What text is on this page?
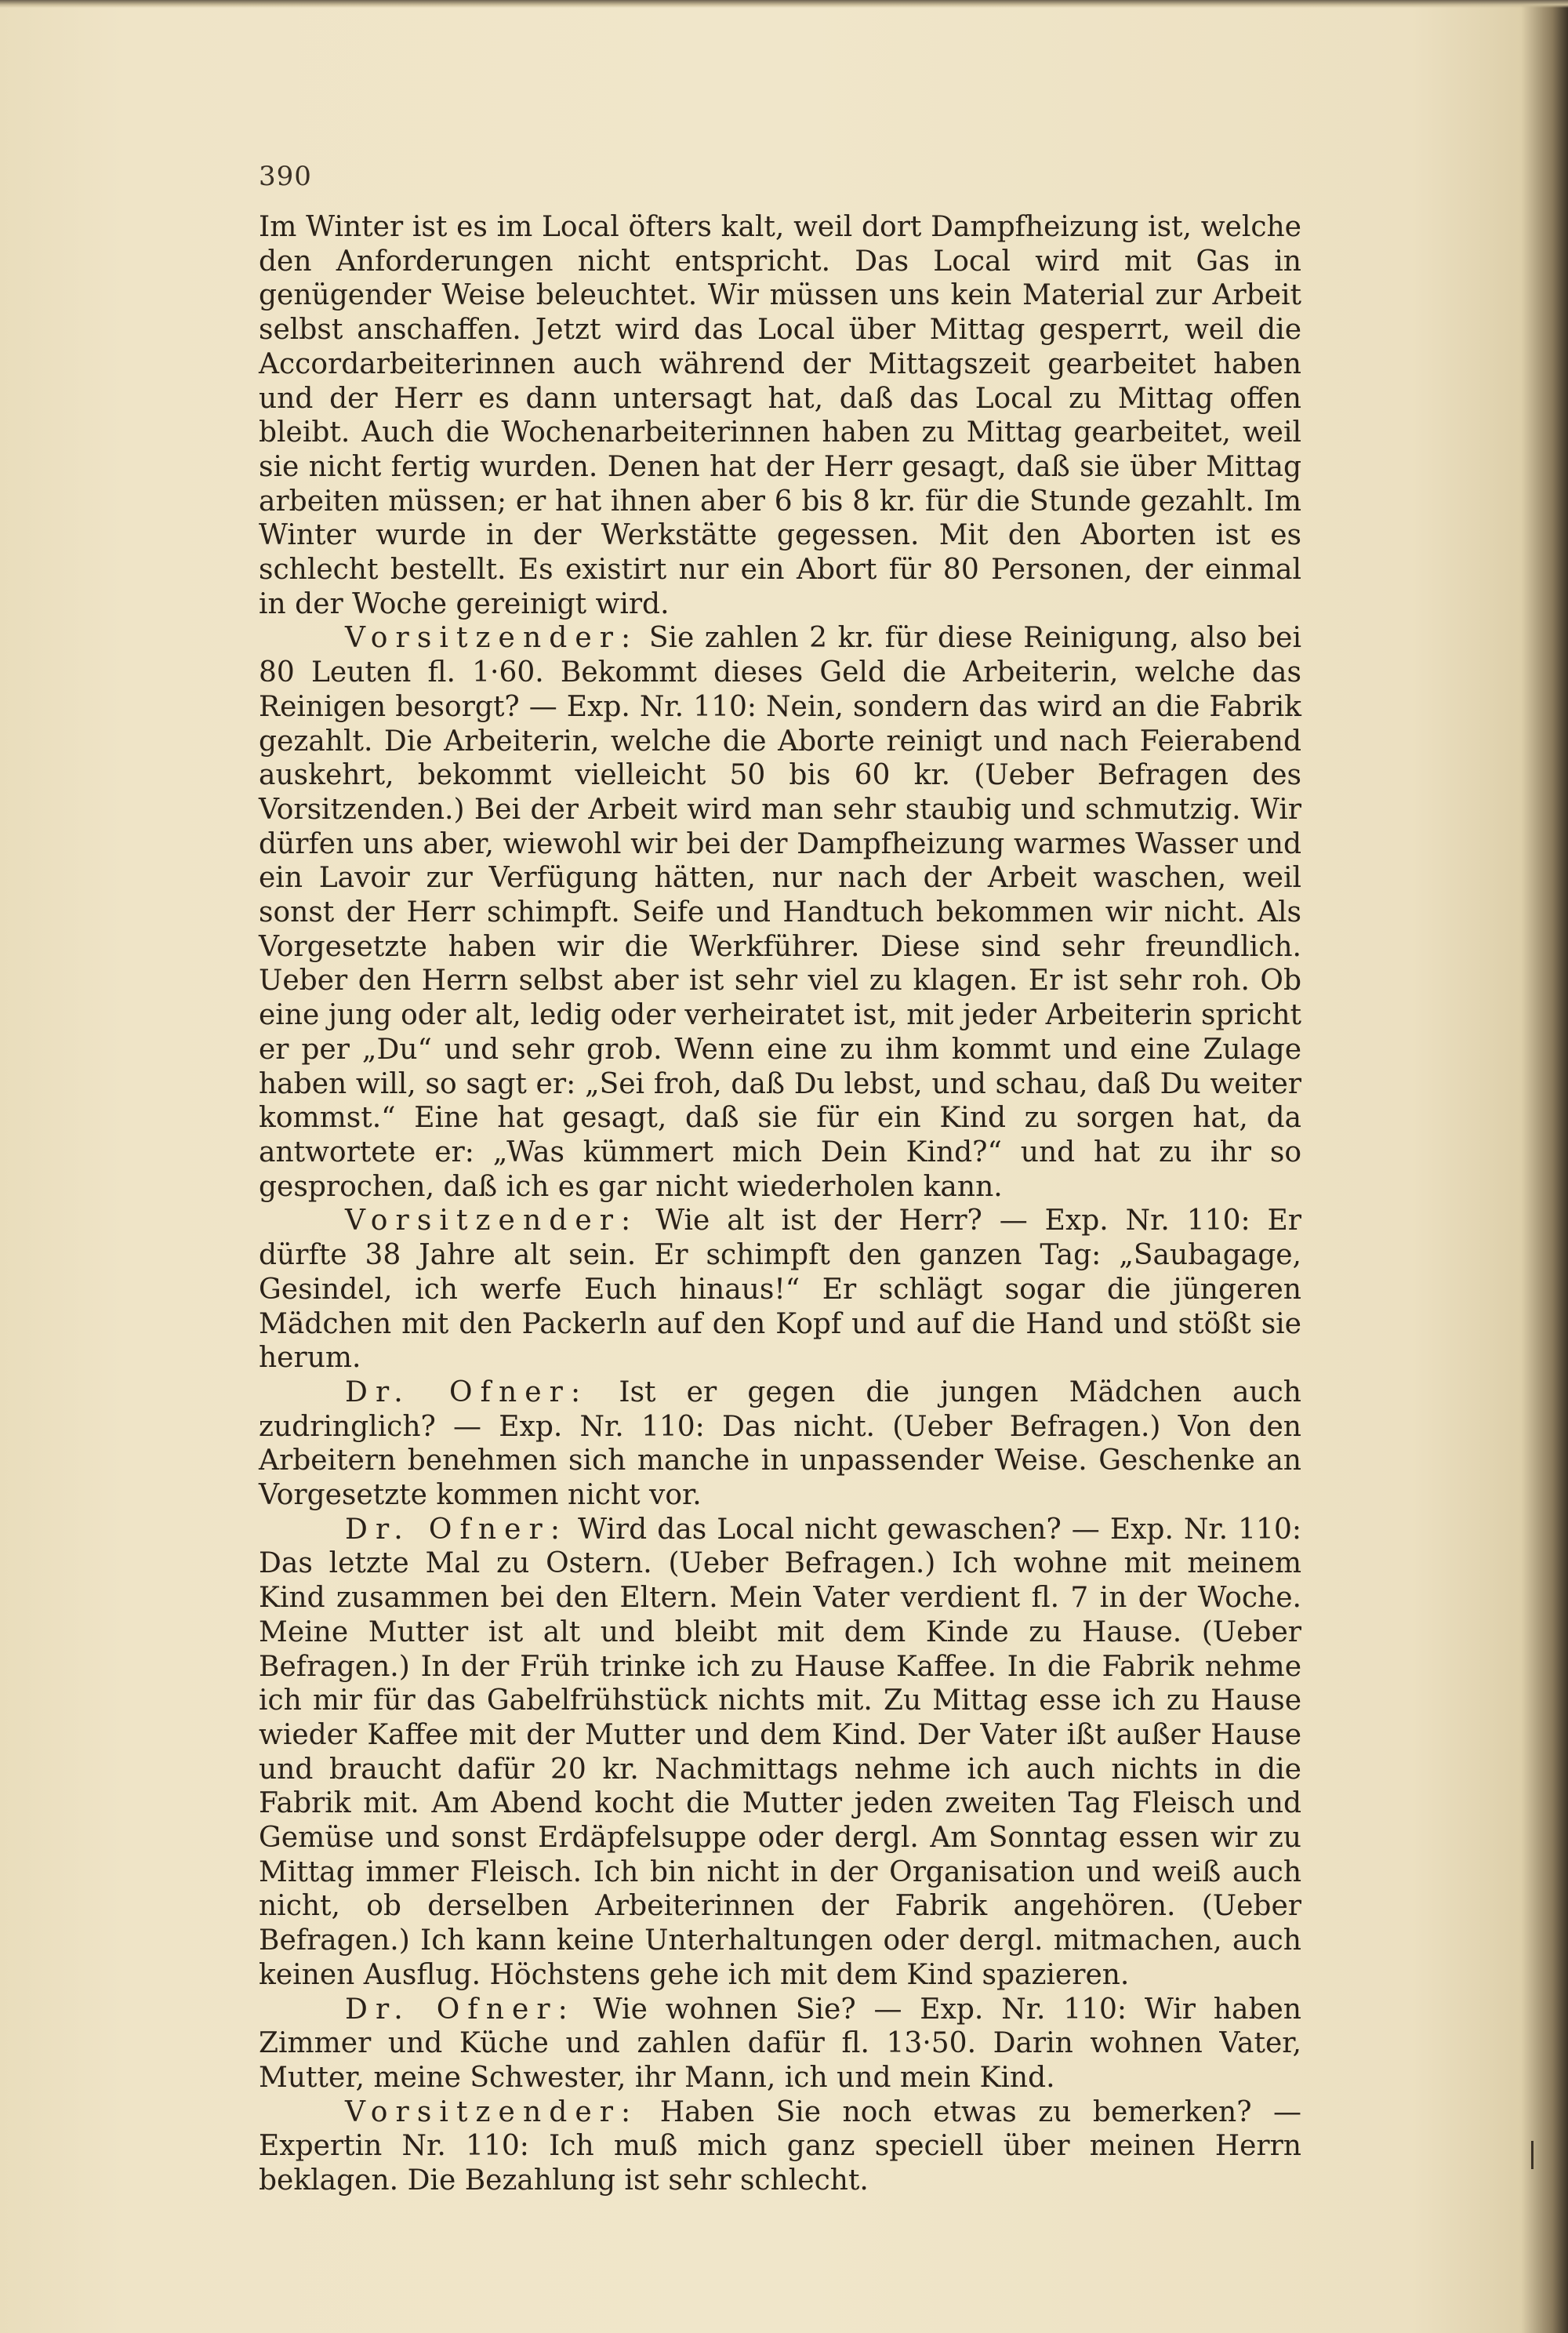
390

Im Winter ist es im Local öfters kalt, weil dort Dampfheizung ist, welche den Anforderungen nicht entspricht. Das Local wird mit Gas in genügender Weise beleuchtet. Wir müssen uns kein Material zur Arbeit selbst anschaffen. Jetzt wird das Local über Mittag gesperrt, weil die Accordarbeiterinnen auch während der Mittagszeit gearbeitet haben und der Herr es dann untersagt hat, daß das Local zu Mittag offen bleibt. Auch die Wochenarbeiterinnen haben zu Mittag gearbeitet, weil sie nicht fertig wurden. Denen hat der Herr gesagt, daß sie über Mittag arbeiten müssen; er hat ihnen aber 6 bis 8 kr. für die Stunde gezahlt. Im Winter wurde in der Werkstätte gegessen. Mit den Aborten ist es schlecht bestellt. Es existirt nur ein Abort für 80 Personen, der einmal in der Woche gereinigt wird.

Vorsitzender: Sie zahlen 2 kr. für diese Reinigung, also bei 80 Leuten fl. 1·60. Bekommt dieses Geld die Arbeiterin, welche das Reinigen besorgt? — Exp. Nr. 110: Nein, sondern das wird an die Fabrik gezahlt. Die Arbeiterin, welche die Aborte reinigt und nach Feierabend auskehrt, bekommt vielleicht 50 bis 60 kr. (Ueber Befragen des Vorsitzenden.) Bei der Arbeit wird man sehr staubig und schmutzig. Wir dürfen uns aber, wiewohl wir bei der Dampfheizung warmes Wasser und ein Lavoir zur Verfügung hätten, nur nach der Arbeit waschen, weil sonst der Herr schimpft. Seife und Handtuch bekommen wir nicht. Als Vorgesetzte haben wir die Werkführer. Diese sind sehr freundlich. Ueber den Herrn selbst aber ist sehr viel zu klagen. Er ist sehr roh. Ob eine jung oder alt, ledig oder verheiratet ist, mit jeder Arbeiterin spricht er per „Du“ und sehr grob. Wenn eine zu ihm kommt und eine Zulage haben will, so sagt er: „Sei froh, daß Du lebst, und schau, daß Du weiter kommst.“ Eine hat gesagt, daß sie für ein Kind zu sorgen hat, da antwortete er: „Was kümmert mich Dein Kind?“ und hat zu ihr so gesprochen, daß ich es gar nicht wiederholen kann.

Vorsitzender: Wie alt ist der Herr? — Exp. Nr. 110: Er dürfte 38 Jahre alt sein. Er schimpft den ganzen Tag: „Saubagage, Gesindel, ich werfe Euch hinaus!“ Er schlägt sogar die jüngeren Mädchen mit den Packerln auf den Kopf und auf die Hand und stößt sie herum.

Dr. Ofner: Ist er gegen die jungen Mädchen auch zudringlich? — Exp. Nr. 110: Das nicht. (Ueber Befragen.) Von den Arbeitern benehmen sich manche in unpassender Weise. Geschenke an Vorgesetzte kommen nicht vor.

Dr. Ofner: Wird das Local nicht gewaschen? — Exp. Nr. 110: Das letzte Mal zu Ostern. (Ueber Befragen.) Ich wohne mit meinem Kind zusammen bei den Eltern. Mein Vater verdient fl. 7 in der Woche. Meine Mutter ist alt und bleibt mit dem Kinde zu Hause. (Ueber Befragen.) In der Früh trinke ich zu Hause Kaffee. In die Fabrik nehme ich mir für das Gabelfrühstück nichts mit. Zu Mittag esse ich zu Hause wieder Kaffee mit der Mutter und dem Kind. Der Vater ißt außer Hause und braucht dafür 20 kr. Nachmittags nehme ich auch nichts in die Fabrik mit. Am Abend kocht die Mutter jeden zweiten Tag Fleisch und Gemüse und sonst Erdäpfelsuppe oder dergl. Am Sonntag essen wir zu Mittag immer Fleisch. Ich bin nicht in der Organisation und weiß auch nicht, ob derselben Arbeiterinnen der Fabrik angehören. (Ueber Befragen.) Ich kann keine Unterhaltungen oder dergl. mitmachen, auch keinen Ausflug. Höchstens gehe ich mit dem Kind spazieren.

Dr. Ofner: Wie wohnen Sie? — Exp. Nr. 110: Wir haben Zimmer und Küche und zahlen dafür fl. 13·50. Darin wohnen Vater, Mutter, meine Schwester, ihr Mann, ich und mein Kind.

Vorsitzender: Haben Sie noch etwas zu bemerken? — Expertin Nr. 110: Ich muß mich ganz speciell über meinen Herrn beklagen. Die Bezahlung ist sehr schlecht.
